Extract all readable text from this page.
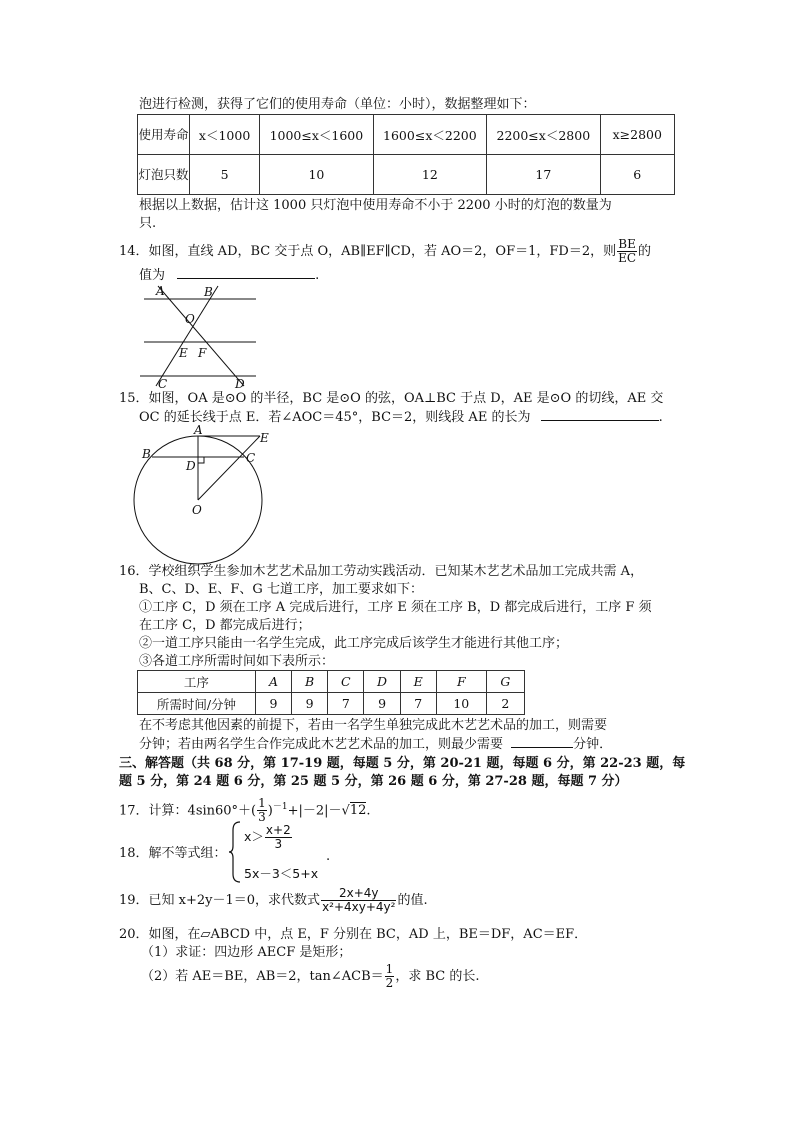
泡进行检测，获得了它们的使用寿命（单位：小时），数据整理如下：
使用寿命	x＜1000	1000≤x＜1600	1600≤x＜2200	2200≤x＜2800	x≥2800
灯泡只数	5	10	12	17	6
根据以上数据，估计这 1000 只灯泡中使用寿命不小于 2200 小时的灯泡的数量为
只.
14．如图，直线 AD，BC 交于点 O，AB∥EF∥CD，若 AO＝2，OF＝1，FD＝2，则 $\frac{BE}{EC}$ 的
值为	.
A	B
O
E F
C	D
15．如图，OA 是⊙O 的半径，BC 是⊙O 的弦，OA⊥BC 于点 D，AE 是⊙O 的切线，AE 交
OC 的延长线于点 E．若∠AOC＝45°，BC＝2，则线段 AE 的长为	.
A
B
D
C
E
O
16．学校组织学生参加木艺艺术品加工劳动实践活动．已知某木艺艺术品加工完成共需 A，
B、C、D、E、F、G 七道工序，加工要求如下：
①工序 C，D 须在工序 A 完成后进行，工序 E 须在工序 B，D 都完成后进行，工序 F 须
在工序 C，D 都完成后进行；
②一道工序只能由一名学生完成，此工序完成后该学生才能进行其他工序；
③各道工序所需时间如下表所示：
工序	A	B	C	D	E	F	G
所需时间/分钟	9	9	7	9	7	10	2
在不考虑其他因素的前提下，若由一名学生单独完成此木艺艺术品的加工，则需要
分钟；若由两名学生合作完成此木艺艺术品的加工，则最少需要	分钟．
三、解答题（共 68 分，第 17-19 题，每题 5 分，第 20-21 题，每题 6 分，第 22-23 题，每
题 5 分，第 24 题 6 分，第 25 题 5 分，第 26 题 6 分，第 27-28 题，每题 7 分）
17．计算：$4\sin 60^\circ+( \frac{1}{3} )^{-1}+|-2|-√12$.
18．解不等式组：
$x> \frac{x+2}{3}$
5x－3＜5+x
.
19．已知 x+2y－1＝0，求代数式 $\frac{2x+4y}{\text{x²+4xy+4y²}}$ 的值.
20．如图，在▱ABCD 中，点 E，F 分别在 BC，AD 上，BE＝DF，AC＝EF．
（1）求证：四边形 AECF 是矩形；
（2）若 AE＝BE，AB＝2，tan∠ACB＝ $\frac{1}{2}$ ，求 BC 的长.
